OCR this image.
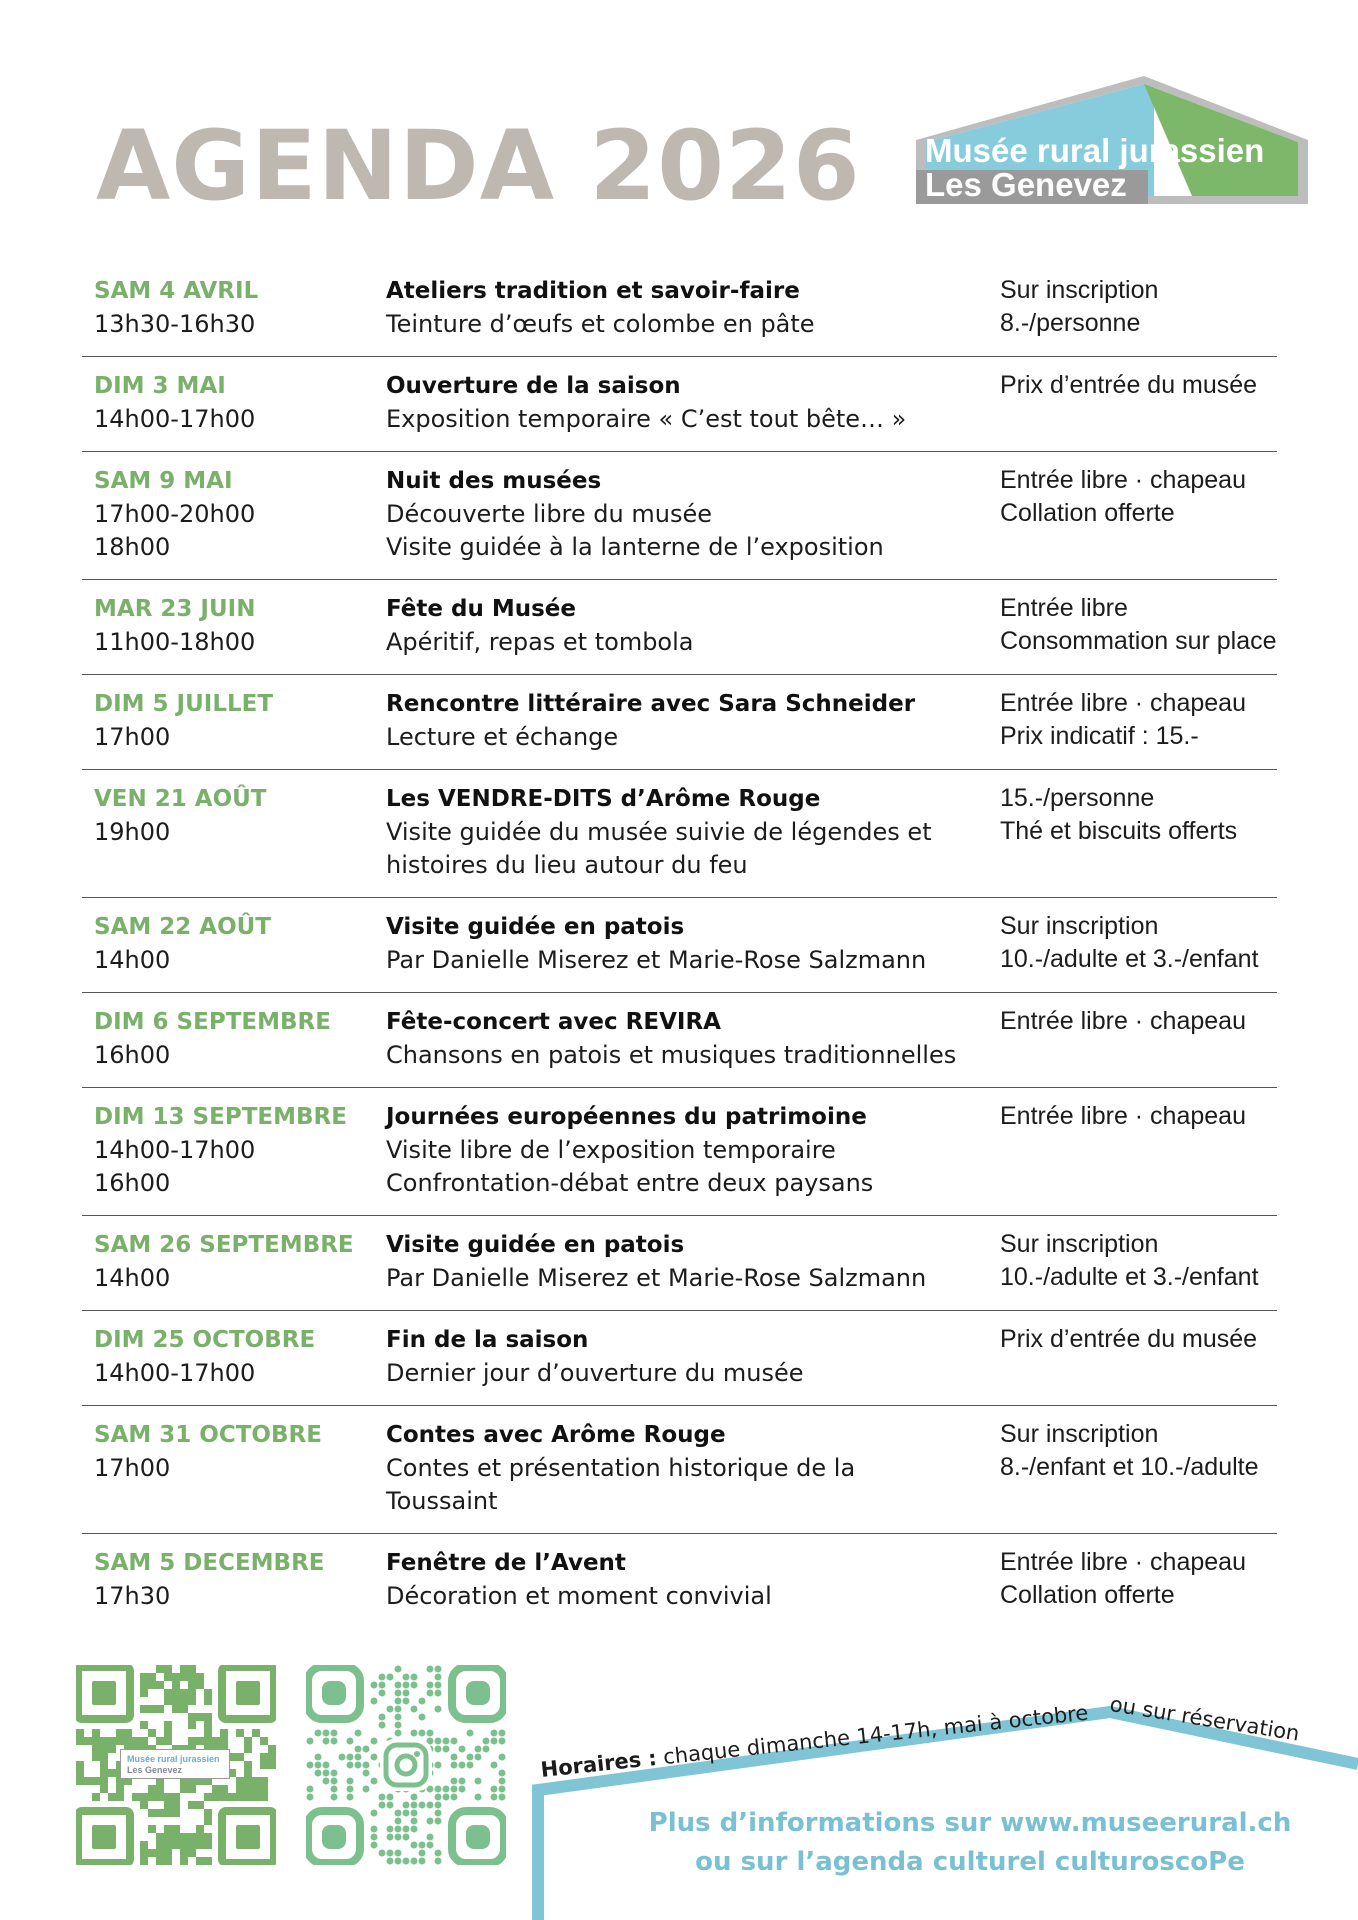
AGENDA 2026 Musée rural jurassien
Les Genevez
SAM 4 AVRIL
13h30-16h30
Ateliers tradition et savoir-faire
Teinture d’œufs et colombe en pâte
Sur inscription
8.-/personne
DIM 3 MAI
14h00-17h00
Ouverture de la saison
Exposition temporaire « C’est tout bête… »
Prix d’entrée du musée
SAM 9 MAI
17h00-20h00
18h00
Nuit des musées
Découverte libre du musée
Visite guidée à la lanterne de l’exposition
Entrée libre · chapeau
Collation offerte
MAR 23 JUIN
11h00-18h00
Fête du Musée
Apéritif, repas et tombola
Entrée libre
Consommation sur place
DIM 5 JUILLET
17h00
Rencontre littéraire avec Sara Schneider
Lecture et échange
Entrée libre · chapeau
Prix indicatif : 15.-
VEN 21 AOÛT
19h00
Les VENDRE-DITS d’Arôme Rouge
Visite guidée du musée suivie de légendes et
histoires du lieu autour du feu
15.-/personne
Thé et biscuits offerts
SAM 22 AOÛT
14h00
Visite guidée en patois
Par Danielle Miserez et Marie-Rose Salzmann
Sur inscription
10.-/adulte et 3.-/enfant
DIM 6 SEPTEMBRE
16h00
Fête-concert avec REVIRA
Chansons en patois et musiques traditionnelles
Entrée libre · chapeau
DIM 13 SEPTEMBRE
14h00-17h00
16h00
Journées européennes du patrimoine
Visite libre de l’exposition temporaire
Confrontation-débat entre deux paysans
Entrée libre · chapeau
SAM 26 SEPTEMBRE
14h00
Visite guidée en patois
Par Danielle Miserez et Marie-Rose Salzmann
Sur inscription
10.-/adulte et 3.-/enfant
DIM 25 OCTOBRE
14h00-17h00
Fin de la saison
Dernier jour d’ouverture du musée
Prix d’entrée du musée
SAM 31 OCTOBRE
17h00
Contes avec Arôme Rouge
Contes et présentation historique de la
Toussaint
Sur inscription
8.-/enfant et 10.-/adulte
SAM 5 DECEMBRE
17h30
Fenêtre de l’Avent
Décoration et moment convivial
Entrée libre · chapeau
Collation offerte
Musée rural jurassien
Les Genevez	Horaires : chaque dimanche 14-17h, mai à octobre ou sur réservation
Plus d’informations sur www.museerural.ch
ou sur l’agenda culturel culturoscoPe
